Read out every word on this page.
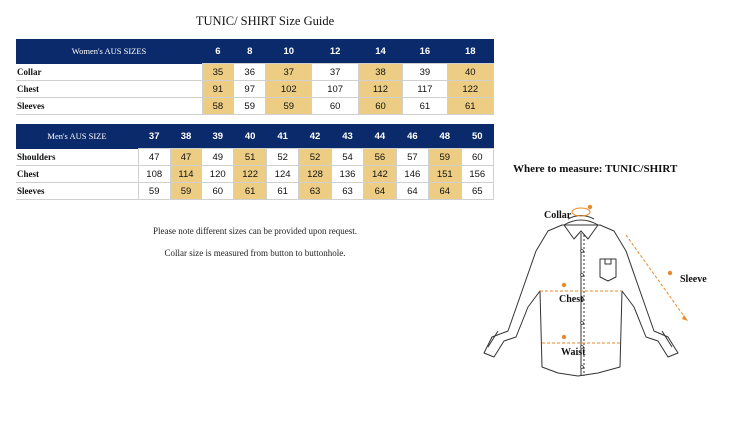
TUNIC/ SHIRT Size Guide
Women's AUS SIZES	6	8	10	12	14	16	18
Collar	35	36	37	37	38	39	40
Chest	91	97	102	107	112	117	122
Sleeves	58	59	59	60	60	61	61
Men's AUS SIZE	37	38	39	40	41	42	43	44	46	48	50
Shoulders	47	47	49	51	52	52	54	56	57	59	60
Chest	108	114	120	122	124	128	136	142	146	151	156
Sleeves	59	59	60	61	61	63	63	64	64	64	65
Please note different sizes can be provided upon request.
Collar size is measured from button to buttonhole.
Where to measure: TUNIC/SHIRT
Collar
Chest
Sleeve
Waist
